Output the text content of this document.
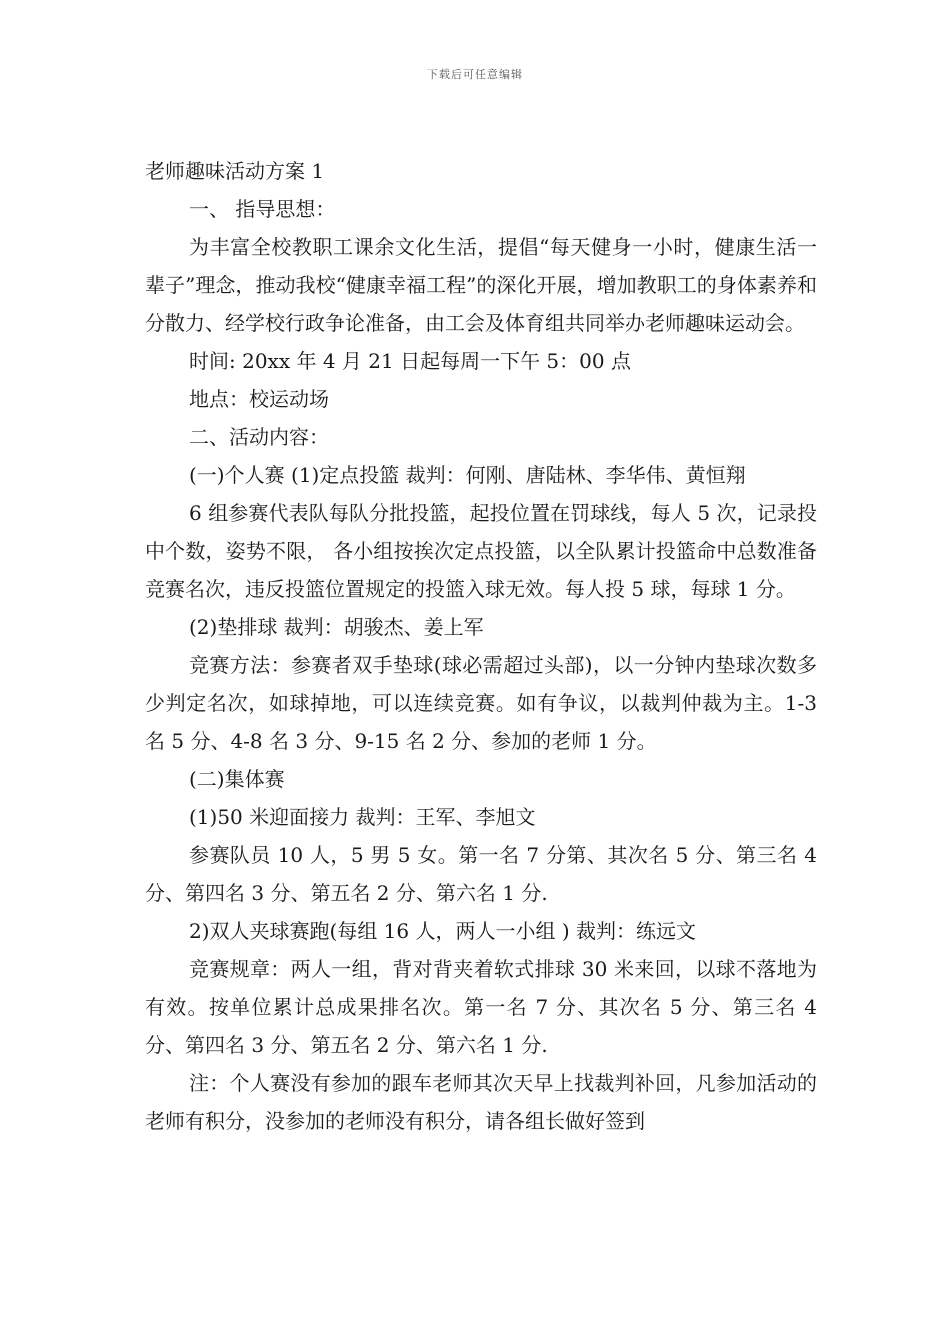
下载后可任意编辑
老师趣味活动方案 1

一、 指导思想：

为丰富全校教职工课余文化生活，提倡“每天健身一小时，健康生活一辈子”理念，推动我校“健康幸福工程”的深化开展，增加教职工的身体素养和分散力、经学校行政争论准备，由工会及体育组共同举办老师趣味运动会。

时间: 20xx 年 4 月 21 日起每周一下午 5：00 点

地点：校运动场

二、活动内容：

(一)个人赛 (1)定点投篮 裁判：何刚、唐陆林、李华伟、黄恒翔

6 组参赛代表队每队分批投篮，起投位置在罚球线，每人 5 次，记录投中个数，姿势不限， 各小组按挨次定点投篮，以全队累计投篮命中总数准备竞赛名次，违反投篮位置规定的投篮入球无效。每人投 5 球，每球 1 分。

(2)垫排球 裁判：胡骏杰、姜上军

竞赛方法：参赛者双手垫球(球必需超过头部)，以一分钟内垫球次数多少判定名次，如球掉地，可以连续竞赛。如有争议，以裁判仲裁为主。1-3 名 5 分、4-8 名 3 分、9-15 名 2 分、参加的老师 1 分。

(二)集体赛

(1)50 米迎面接力 裁判：王军、李旭文

参赛队员 10 人，5 男 5 女。第一名 7 分第、其次名 5 分、第三名 4 分、第四名 3 分、第五名 2 分、第六名 1 分.

2)双人夹球赛跑(每组 16 人，两人一小组 ) 裁判：练远文

竞赛规章：两人一组，背对背夹着软式排球 30 米来回，以球不落地为有效。按单位累计总成果排名次。第一名 7 分、其次名 5 分、第三名 4 分、第四名 3 分、第五名 2 分、第六名 1 分.

注：个人赛没有参加的跟车老师其次天早上找裁判补回，凡参加活动的老师有积分，没参加的老师没有积分，请各组长做好签到
